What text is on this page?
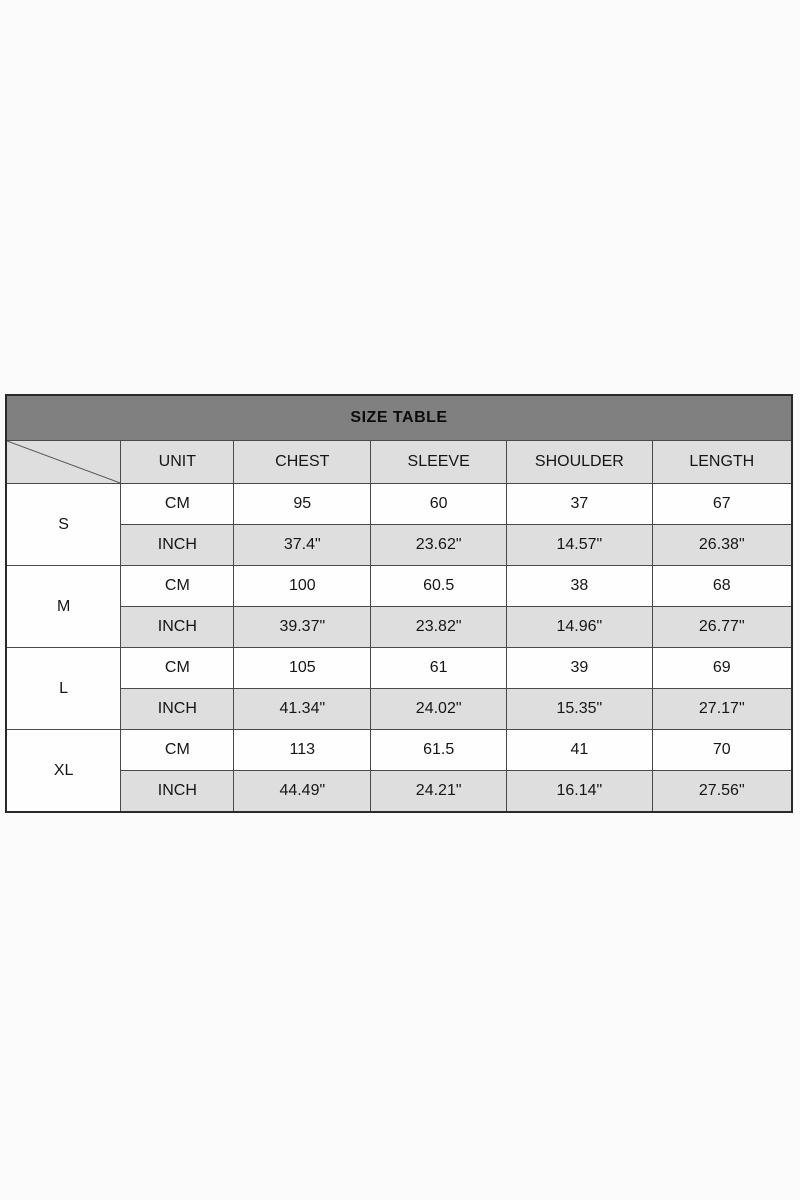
SIZE TABLE					

	UNIT	CHEST	SLEEVE	SHOULDER	LENGTH
S	CM	95	60	37	67
	INCH	37.4"	23.62"	14.57"	26.38"
M	CM	100	60.5	38	68
	INCH	39.37"	23.82"	14.96"	26.77"
L	CM	105	61	39	69
	INCH	41.34"	24.02"	15.35"	27.17"
XL	CM	113	61.5	41	70
	INCH	44.49"	24.21"	16.14"	27.56"
